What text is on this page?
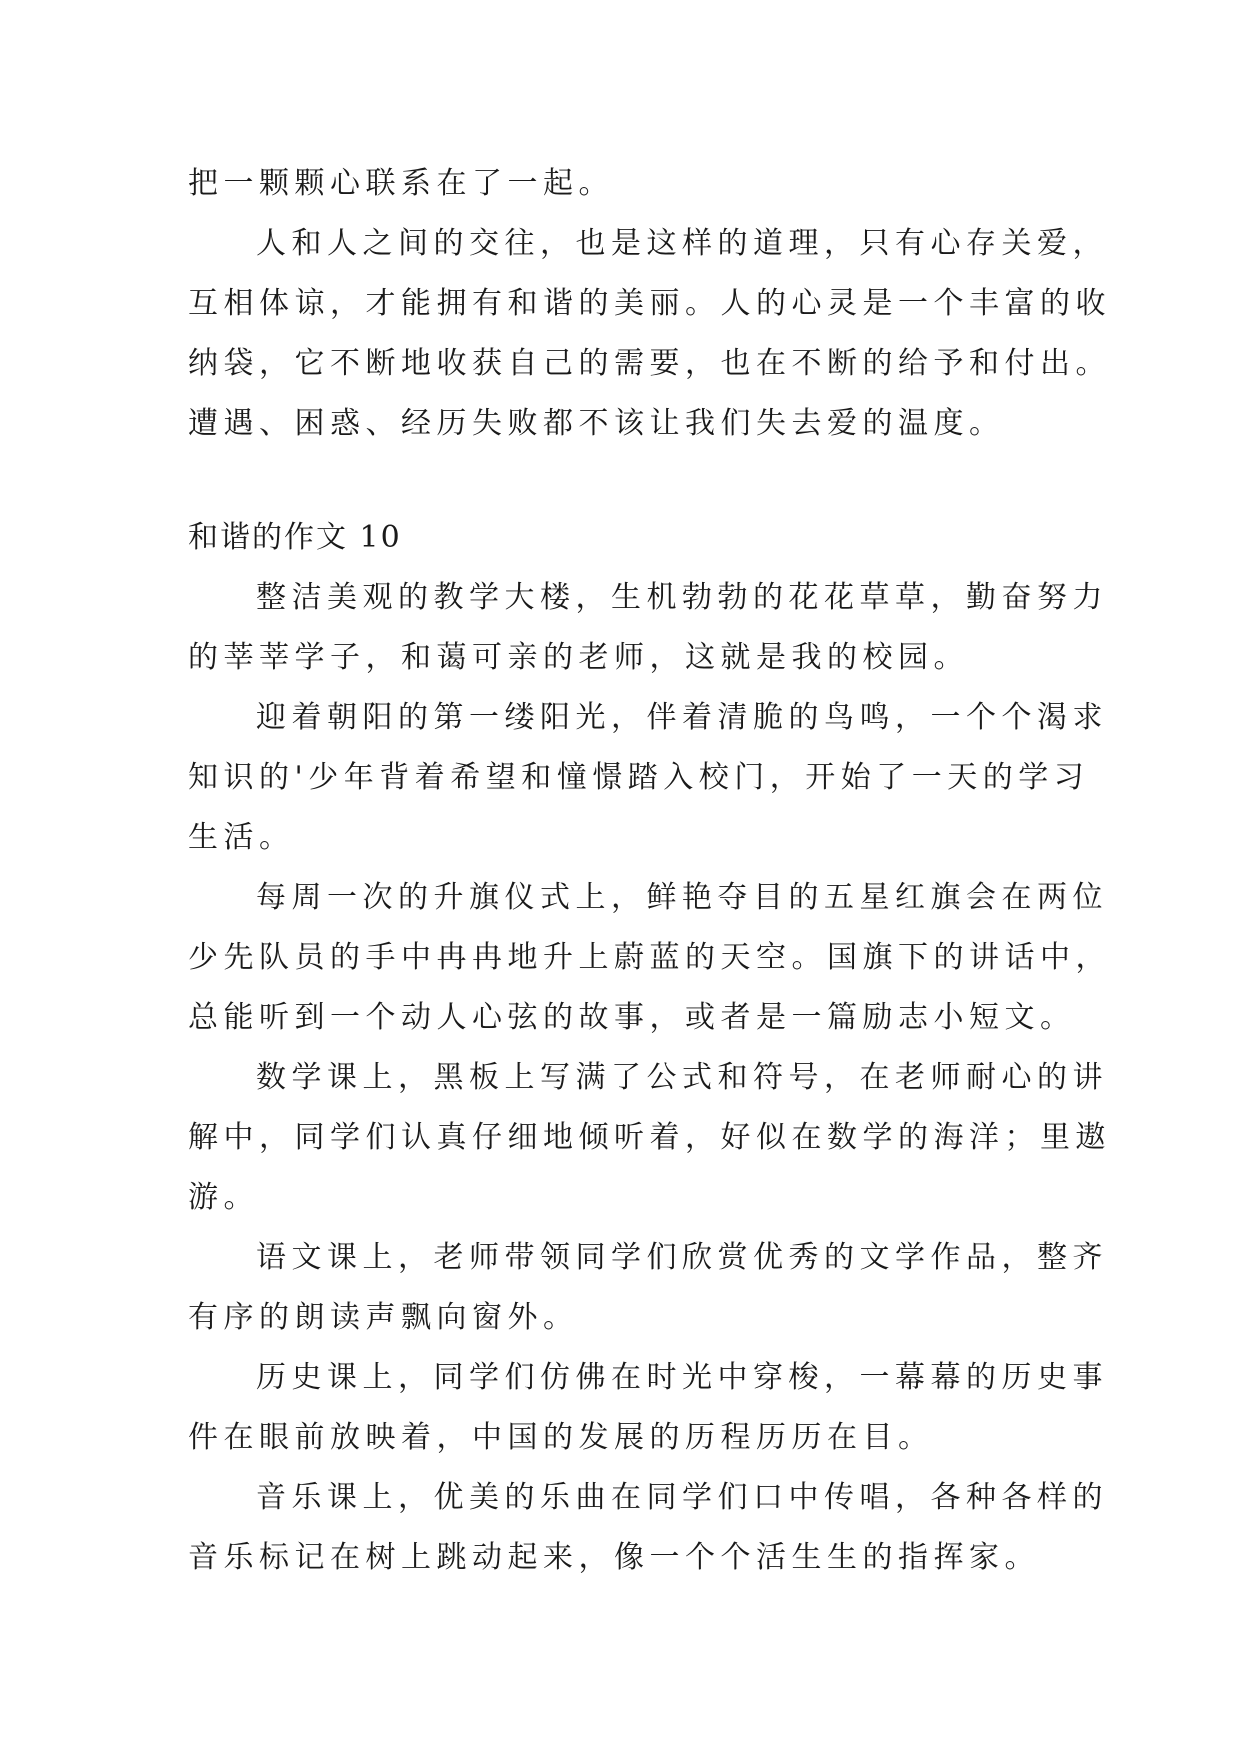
把一颗颗心联系在了一起。
人和人之间的交往，也是这样的道理，只有心存关爱，
互相体谅，才能拥有和谐的美丽。人的心灵是一个丰富的收
纳袋，它不断地收获自己的需要，也在不断的给予和付出。
遭遇、困惑、经历失败都不该让我们失去爱的温度。
和谐的作文 10
整洁美观的教学大楼，生机勃勃的花花草草，勤奋努力
的莘莘学子，和蔼可亲的老师，这就是我的校园。
迎着朝阳的第一缕阳光，伴着清脆的鸟鸣，一个个渴求
知识的'少年背着希望和憧憬踏入校门，开始了一天的学习
生活。
每周一次的升旗仪式上，鲜艳夺目的五星红旗会在两位
少先队员的手中冉冉地升上蔚蓝的天空。国旗下的讲话中，
总能听到一个动人心弦的故事，或者是一篇励志小短文。
数学课上，黑板上写满了公式和符号，在老师耐心的讲
解中，同学们认真仔细地倾听着，好似在数学的海洋；里遨
游。
语文课上，老师带领同学们欣赏优秀的文学作品，整齐
有序的朗读声飘向窗外。
历史课上，同学们仿佛在时光中穿梭，一幕幕的历史事
件在眼前放映着，中国的发展的历程历历在目。
音乐课上，优美的乐曲在同学们口中传唱，各种各样的
音乐标记在树上跳动起来，像一个个活生生的指挥家。
